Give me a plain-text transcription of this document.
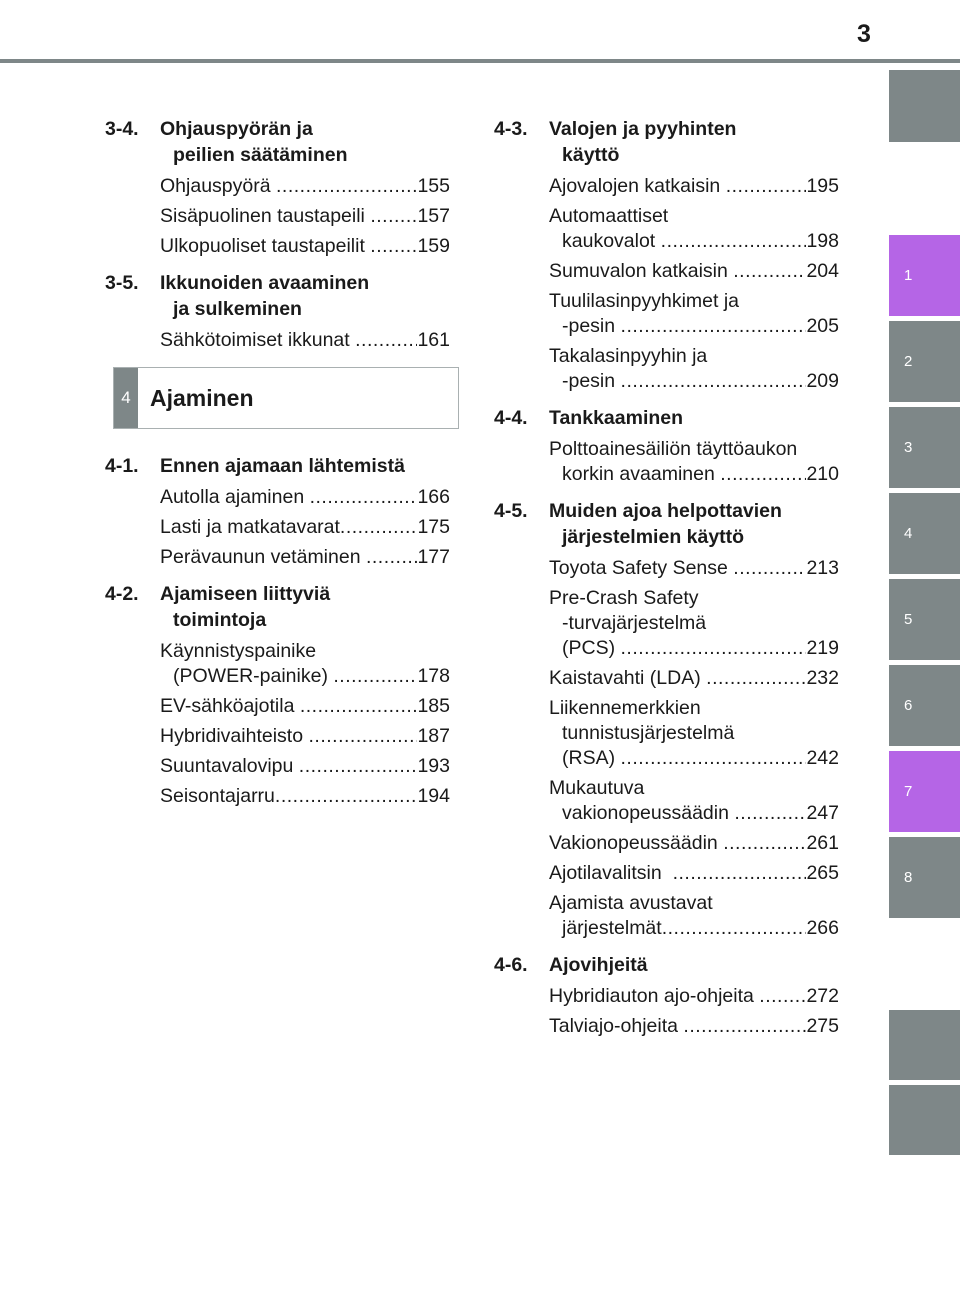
3
1
2
3
4
5
6
7
8
3-4. Ohjauspyörän ja
peilien säätäminen
Ohjauspyörä .....	155
Sisäpuolinen taustapeili ..... 157
Ulkopuoliset taustapeilit ..... 159
3-5. Ikkunoiden avaaminen
ja sulkeminen
Sähkötoimiset ikkunat .....	161
4 Ajaminen
4-1. Ennen ajamaan lähtemistä
Autolla ajaminen .....	166
Lasti ja matkatavarat .....	175
Perävaunun vetäminen .....	177
4-2. Ajamiseen liittyviä
toimintoja
Käynnistyspainike
(POWER-painike) .....	178
EV-sähköajotila .....	185
Hybridivaihteisto .....	187
Suuntavalovipu .....	193
Seisontajarru .....	194
4-3. Valojen ja pyyhinten
käyttö
Ajovalojen katkaisin .....	195
Automaattiset
kaukovalot .....	198
Sumuvalon katkaisin .....	204
Tuulilasinpyyhkimet ja
-pesin .....	205
Takalasinpyyhin ja
-pesin .....	209
4-4. Tankkaaminen
Polttoainesäiliön täyttöaukon
korkin avaaminen .....	210
4-5. Muiden ajoa helpottavien
järjestelmien käyttö
Toyota Safety Sense .....	213
Pre-Crash Safety
-turvajärjestelmä
(PCS) .....	219
Kaistavahti (LDA) .....	232
Liikennemerkkien
tunnistusjärjestelmä
(RSA) .....	242
Mukautuva
vakionopeussäädin .....	247
Vakionopeussäädin .....	261
Ajotilavalitsin .....	265
Ajamista avustavat
järjestelmät .....	266
4-6. Ajovihjeitä
Hybridiauton ajo-ohjeita ..... 272
Talviajo-ohjeita .....	275
